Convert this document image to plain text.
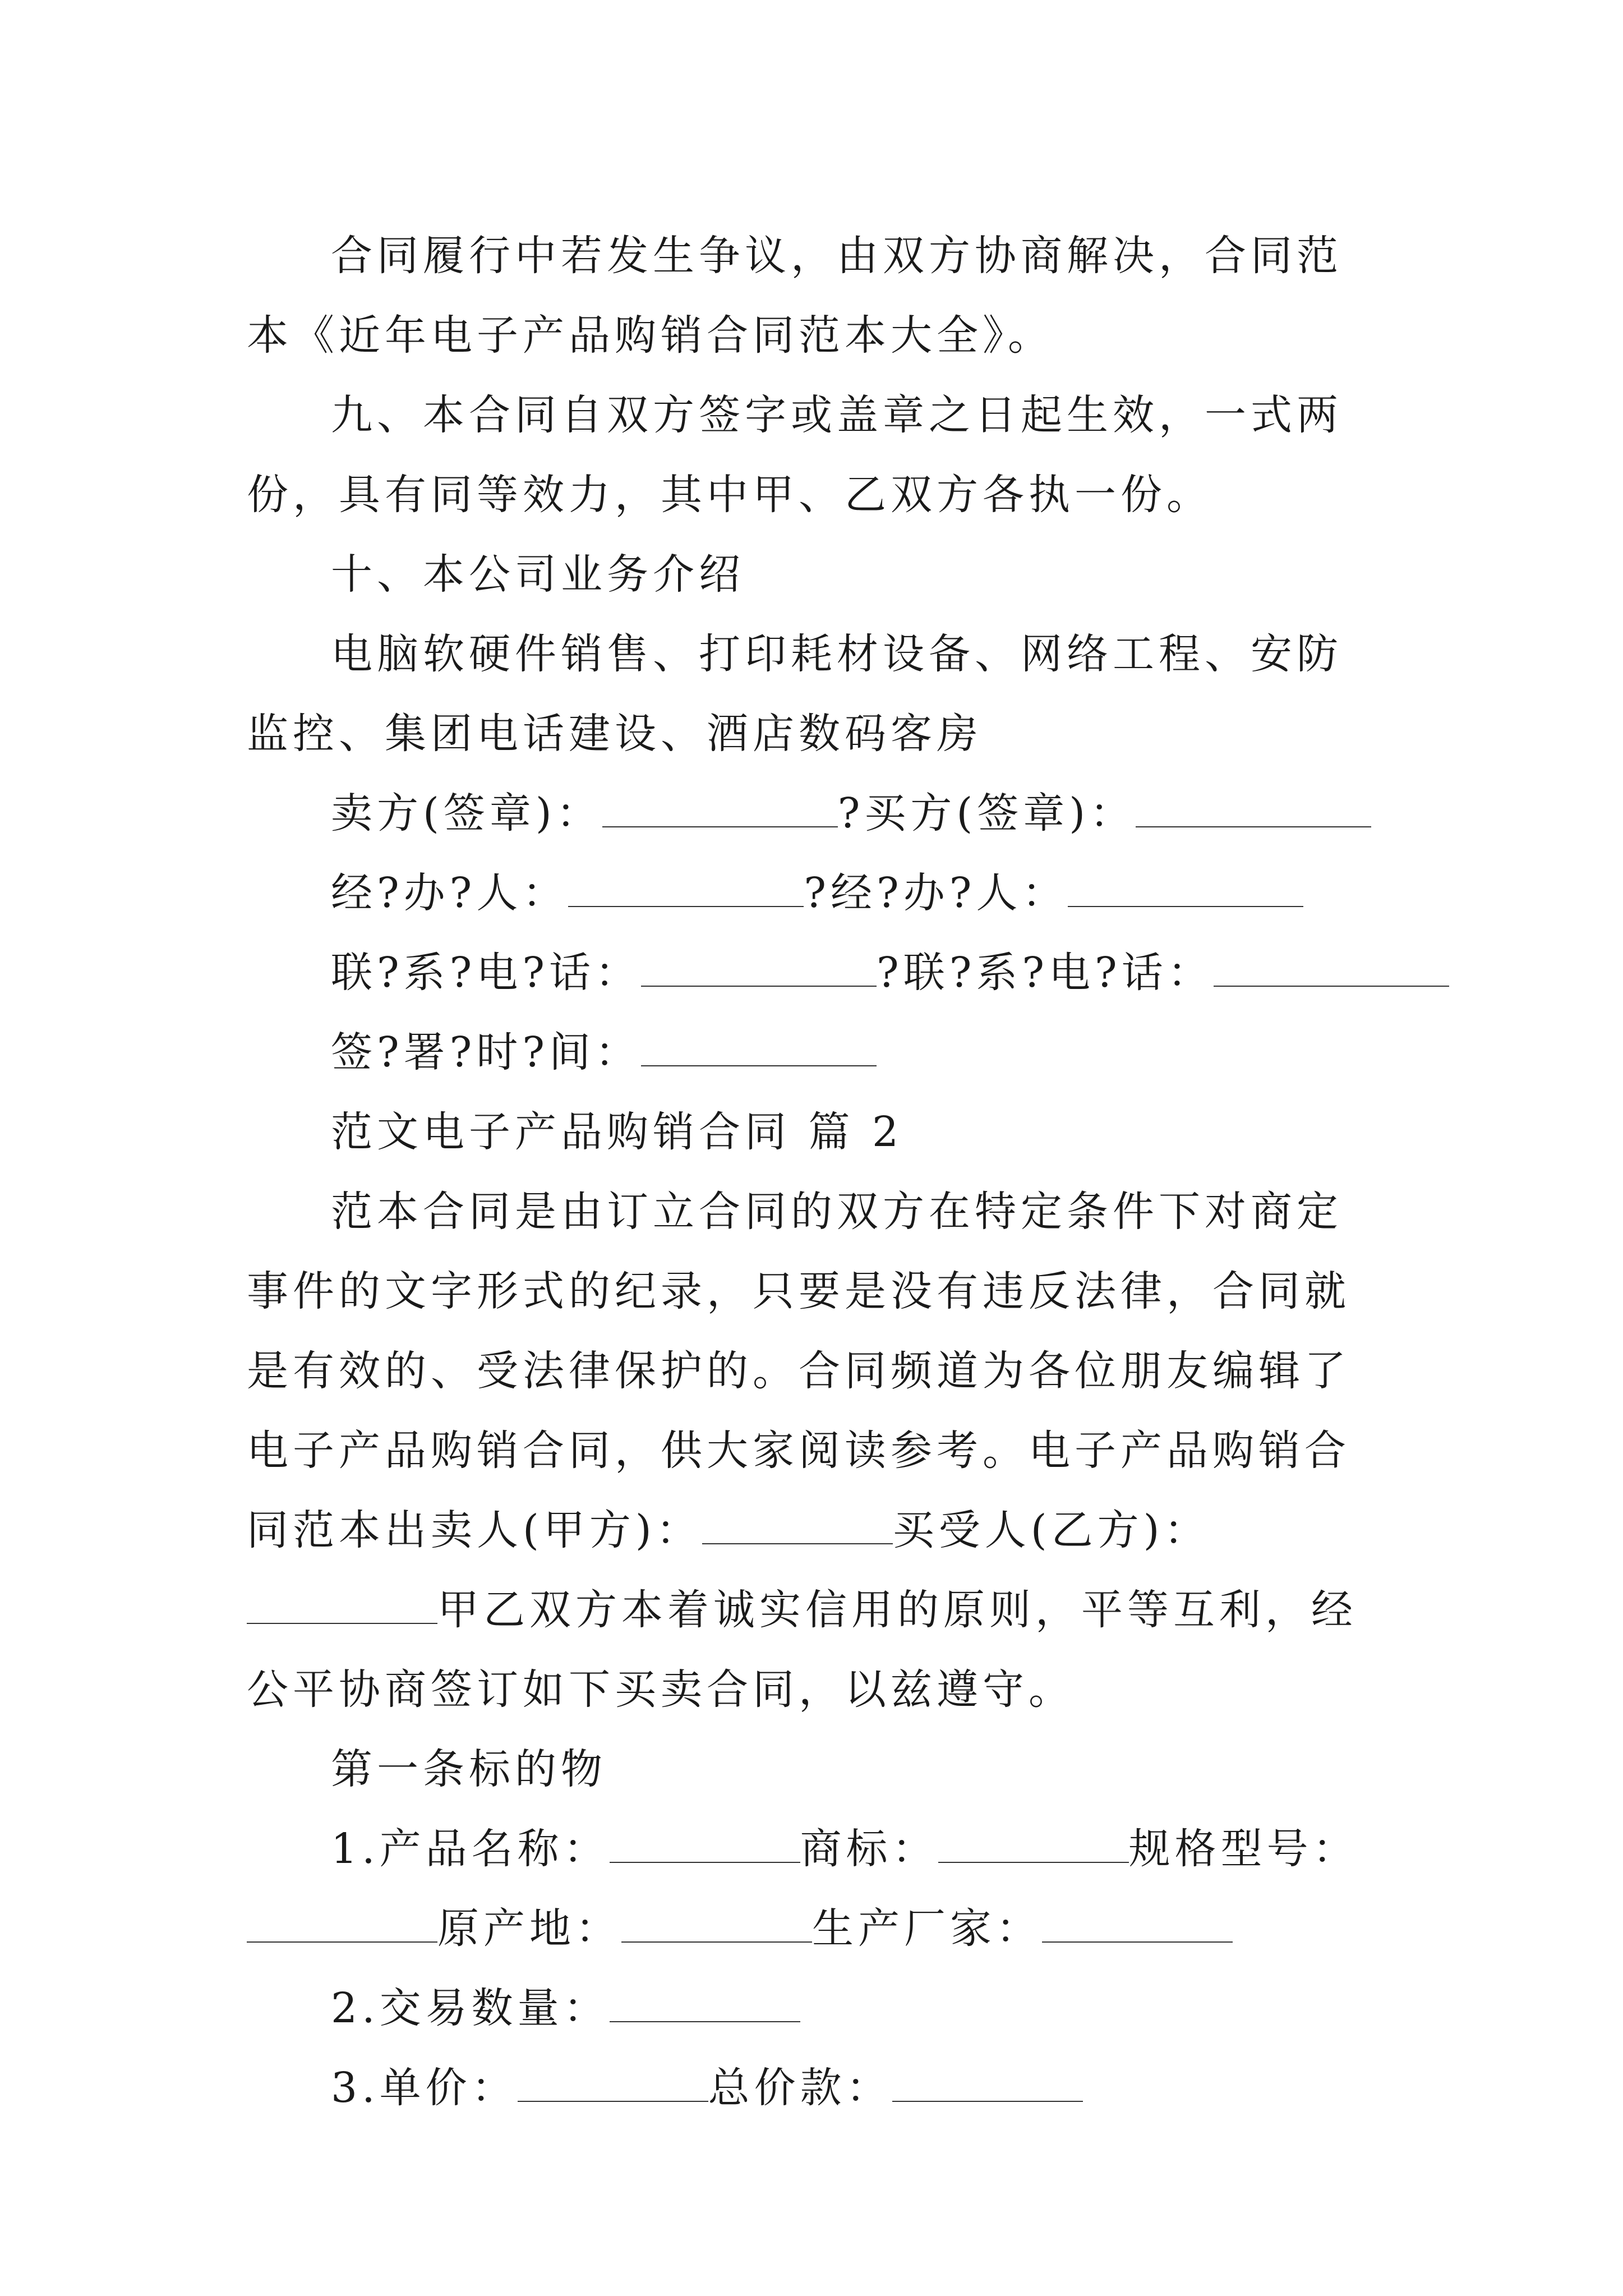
合同履行中若发生争议，由双方协商解决，合同范本《近年电子产品购销合同范本大全》。

九、本合同自双方签字或盖章之日起生效，一式两份，具有同等效力，其中甲、乙双方各执一份。

十、本公司业务介绍

电脑软硬件销售、打印耗材设备、网络工程、安防监控、集团电话建设、酒店数码客房

卖方(签章)：	?买方(签章)：

经?办?人：	?经?办?人：

联?系?电?话：	?联?系?电?话：

签?署?时?间：

范文电子产品购销合同 篇 2

范本合同是由订立合同的双方在特定条件下对商定事件的文字形式的纪录，只要是没有违反法律，合同就是有效的、受法律保护的。合同频道为各位朋友编辑了电子产品购销合同，供大家阅读参考。电子产品购销合同范本出卖人(甲方)：	买受人(乙方)：甲乙双方本着诚实信用的原则，平等互利，经公平协商签订如下买卖合同，以兹遵守。

第一条标的物

1.产品名称：	商标：	规格型号：原产地：	生产厂家：

2.交易数量：

3.单价：	总价款：
